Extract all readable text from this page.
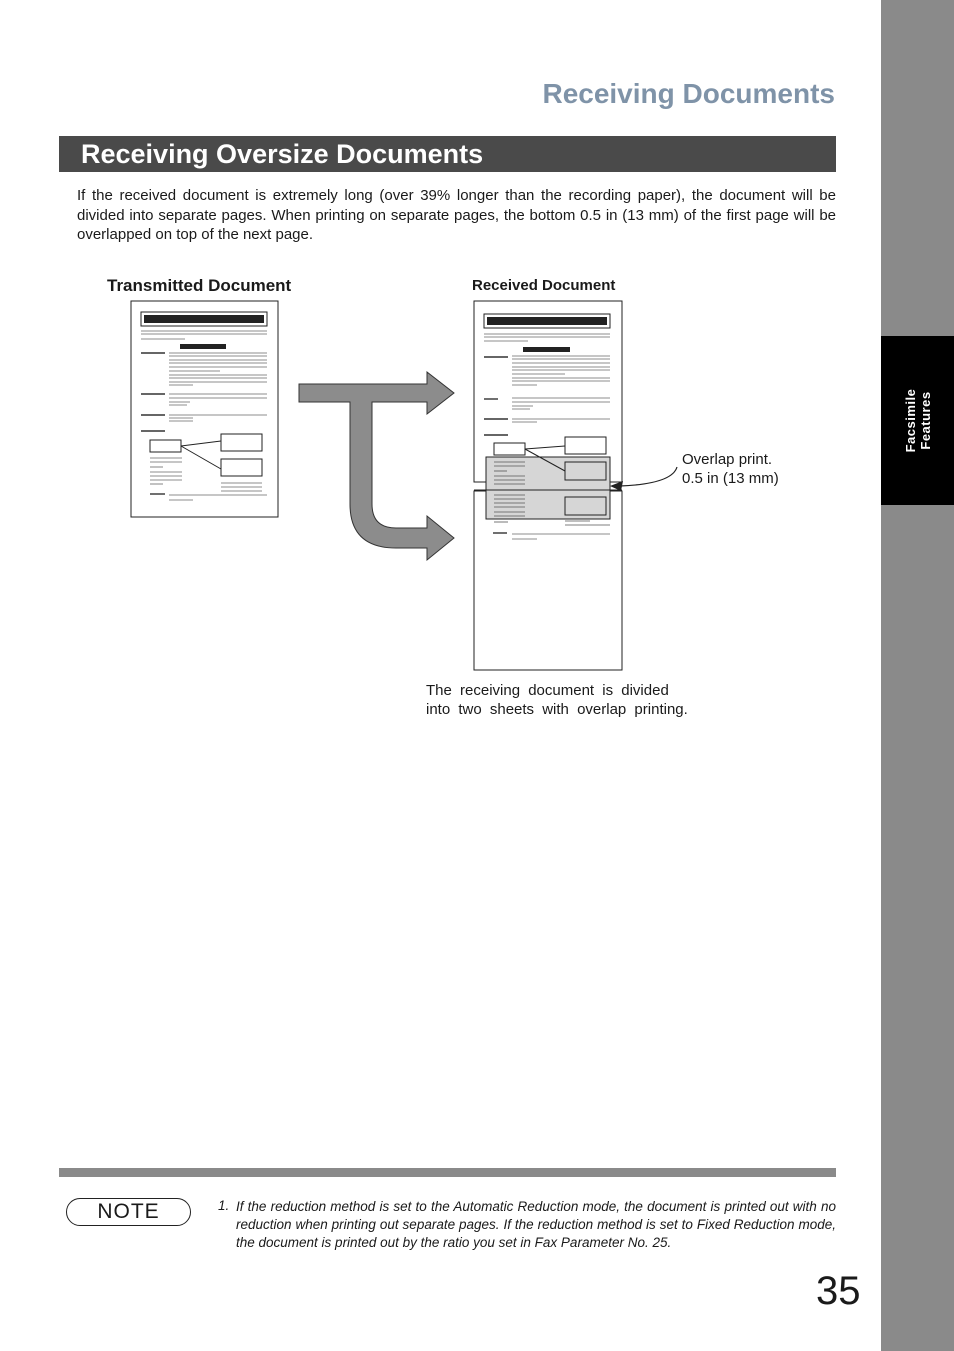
Facsimile Features
Receiving Documents
Receiving Oversize Documents

If the received document is extremely long (over 39% longer than the recording paper), the document will be divided into separate pages. When printing on separate pages, the bottom 0.5 in (13 mm) of the first page will be overlapped on top of the next page.

Transmitted Document	Received Document
Overlap print.
0.5 in (13 mm)
The receiving document is divided
into two sheets with overlap printing.
NOTE	1. If the reduction method is set to the Automatic Reduction mode, the document is printed out with no reduction when printing out separate pages. If the reduction method is set to Fixed Reduction mode, the document is printed out by the ratio you set in Fax Parameter No. 25.

35
